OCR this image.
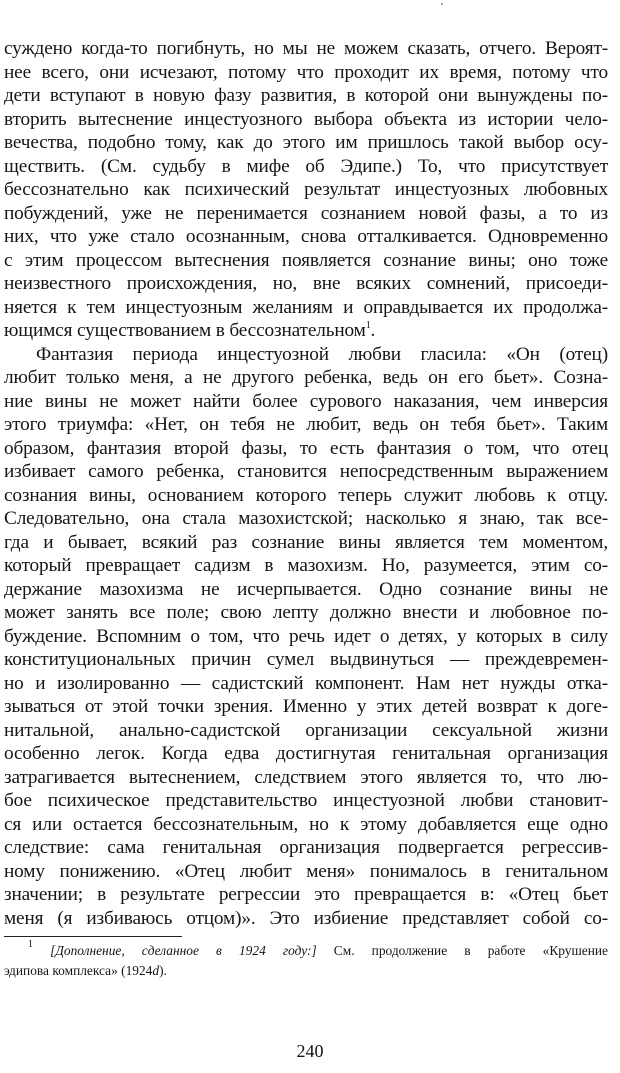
суждено когда-то погибнуть, но мы не можем сказать, отчего. Вероят-
нее всего, они исчезают, потому что проходит их время, потому что
дети вступают в новую фазу развития, в которой они вынуждены по-
вторить вытеснение инцестуозного выбора объекта из истории чело-
вечества, подобно тому, как до этого им пришлось такой выбор осу-
ществить. (См. судьбу в мифе об Эдипе.) То, что присутствует
бессознательно как психический результат инцестуозных любовных
побуждений, уже не перенимается сознанием новой фазы, а то из
них, что уже стало осознанным, снова отталкивается. Одновременно
с этим процессом вытеснения появляется сознание вины; оно тоже
неизвестного происхождения, но, вне всяких сомнений, присоеди-
няется к тем инцестуозным желаниям и оправдывается их продолжа-
ющимся существованием в бессознательном$^1$.
Фантазия периода инцестуозной любви гласила: «Он (отец)
любит только меня, а не другого ребенка, ведь он его бьет». Созна-
ние вины не может найти более сурового наказания, чем инверсия
этого триумфа: «Нет, он тебя не любит, ведь он тебя бьет». Таким
образом, фантазия второй фазы, то есть фантазия о том, что отец
избивает самого ребенка, становится непосредственным выражением
сознания вины, основанием которого теперь служит любовь к отцу.
Следовательно, она стала мазохистской; насколько я знаю, так все-
гда и бывает, всякий раз сознание вины является тем моментом,
который превращает садизм в мазохизм. Но, разумеется, этим со-
держание мазохизма не исчерпывается. Одно сознание вины не
может занять все поле; свою лепту должно внести и любовное по-
буждение. Вспомним о том, что речь идет о детях, у которых в силу
конституциональных причин сумел выдвинуться — преждевремен-
но и изолированно — садистский компонент. Нам нет нужды отка-
зываться от этой точки зрения. Именно у этих детей возврат к доге-
нитальной, анально-садистской организации сексуальной жизни
особенно легок. Когда едва достигнутая генитальная организация
затрагивается вытеснением, следствием этого является то, что лю-
бое психическое представительство инцестуозной любви становит-
ся или остается бессознательным, но к этому добавляется еще одно
следствие: сама генитальная организация подвергается регрессив-
ному понижению. «Отец любит меня» понималось в генитальном
значении; в результате регрессии это превращается в: «Отец бьет
$^1$ [Дополнение, сделанное в 1924 году:] См. продолжение в работе «Крушение
эдипова комплекса» (1924d).
240
меня (я избиваюсь отцом)». Это избиение представляет собой со-
